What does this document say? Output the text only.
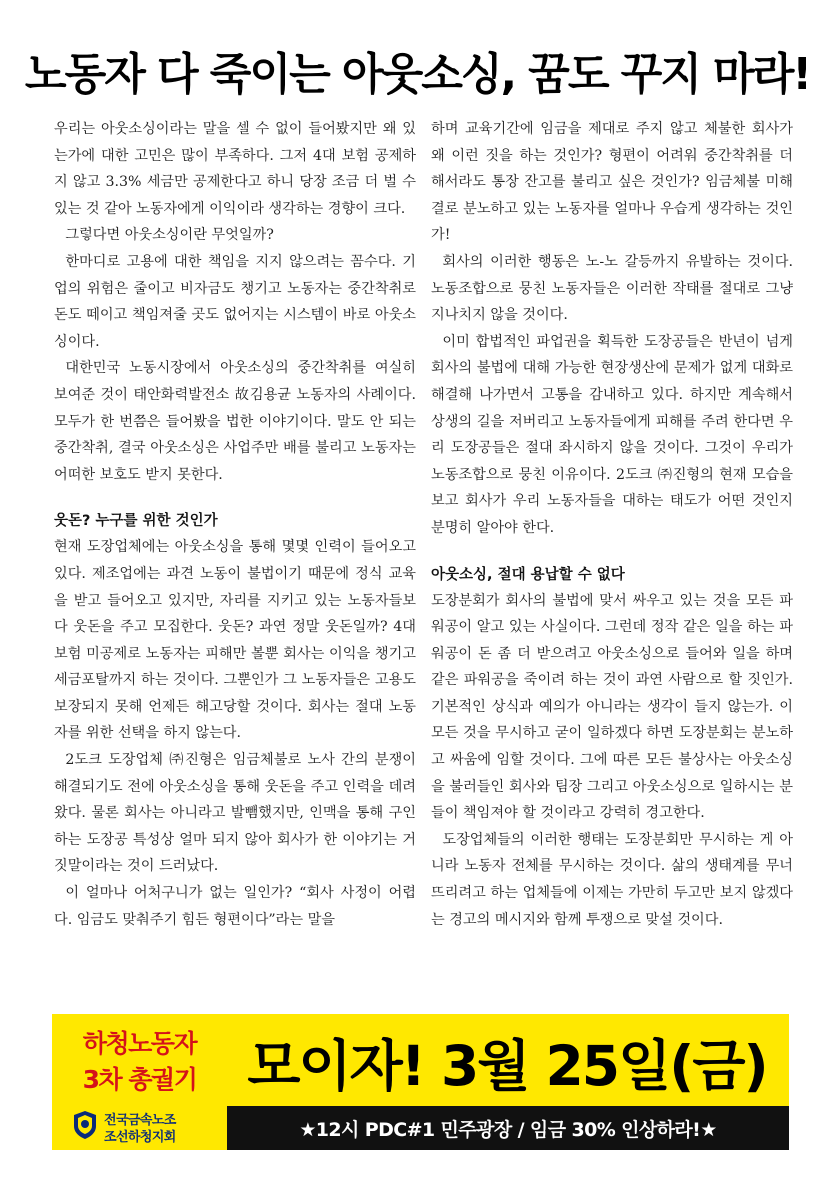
노동자 다 죽이는 아웃소싱, 꿈도 꾸지 마라!

우리는 아웃소싱이라는 말을 셀 수 없이 들어봤지만 왜 있는가에 대한 고민은 많이 부족하다. 그저 4대 보험 공제하지 않고 3.3% 세금만 공제한다고 하니 당장 조금 더 벌 수 있는 것 같아 노동자에게 이익이라 생각하는 경향이 크다.

그렇다면 아웃소싱이란 무엇일까?

한마디로 고용에 대한 책임을 지지 않으려는 꼼수다. 기업의 위험은 줄이고 비자금도 챙기고 노동자는 중간착취로 돈도 떼이고 책임져줄 곳도 없어지는 시스템이 바로 아웃소싱이다.

대한민국 노동시장에서 아웃소싱의 중간착취를 여실히 보여준 것이 태안화력발전소 故김용균 노동자의 사례이다. 모두가 한 번쯤은 들어봤을 법한 이야기이다. 말도 안 되는 중간착취, 결국 아웃소싱은 사업주만 배를 불리고 노동자는 어떠한 보호도 받지 못한다.

웃돈? 누구를 위한 것인가

현재 도장업체에는 아웃소싱을 통해 몇몇 인력이 들어오고 있다. 제조업에는 과견 노동이 불법이기 때문에 정식 교육을 받고 들어오고 있지만, 자리를 지키고 있는 노동자들보다 웃돈을 주고 모집한다. 웃돈? 과연 정말 웃돈일까? 4대 보험 미공제로 노동자는 피해만 볼뿐 회사는 이익을 챙기고 세금포탈까지 하는 것이다. 그뿐인가 그 노동자들은 고용도 보장되지 못해 언제든 해고당할 것이다. 회사는 절대 노동자를 위한 선택을 하지 않는다.

2도크 도장업체 ㈜진형은 임금체불로 노사 간의 분쟁이 해결되기도 전에 아웃소싱을 통해 웃돈을 주고 인력을 데려왔다. 물론 회사는 아니라고 발뺌했지만, 인맥을 통해 구인하는 도장공 특성상 얼마 되지 않아 회사가 한 이야기는 거짓말이라는 것이 드러났다.

이 얼마나 어처구니가 없는 일인가? “회사 사정이 어렵다. 임금도 맞춰주기 힘든 형편이다”라는 말을

하며 교육기간에 임금을 제대로 주지 않고 체불한 회사가 왜 이런 짓을 하는 것인가? 형편이 어려워 중간착취를 더 해서라도 통장 잔고를 불리고 싶은 것인가? 임금체불 미해결로 분노하고 있는 노동자를 얼마나 우습게 생각하는 것인가!

회사의 이러한 행동은 노-노 갈등까지 유발하는 것이다. 노동조합으로 뭉친 노동자들은 이러한 작태를 절대로 그냥 지나치지 않을 것이다.

이미 합법적인 파업권을 획득한 도장공들은 반년이 넘게 회사의 불법에 대해 가능한 현장생산에 문제가 없게 대화로 해결해 나가면서 고통을 감내하고 있다. 하지만 계속해서 상생의 길을 저버리고 노동자들에게 피해를 주려 한다면 우리 도장공들은 절대 좌시하지 않을 것이다. 그것이 우리가 노동조합으로 뭉친 이유이다. 2도크 ㈜진형의 현재 모습을 보고 회사가 우리 노동자들을 대하는 태도가 어떤 것인지 분명히 알아야 한다.

아웃소싱, 절대 용납할 수 없다

도장분회가 회사의 불법에 맞서 싸우고 있는 것을 모든 파워공이 알고 있는 사실이다. 그런데 정작 같은 일을 하는 파워공이 돈 좀 더 받으려고 아웃소싱으로 들어와 일을 하며 같은 파워공을 죽이려 하는 것이 과연 사람으로 할 짓인가. 기본적인 상식과 예의가 아니라는 생각이 들지 않는가. 이 모든 것을 무시하고 굳이 일하겠다 하면 도장분회는 분노하고 싸움에 임할 것이다. 그에 따른 모든 불상사는 아웃소싱을 불러들인 회사와 팀장 그리고 아웃소싱으로 일하시는 분들이 책임져야 할 것이라고 강력히 경고한다.

도장업체들의 이러한 행태는 도장분회만 무시하는 게 아니라 노동자 전체를 무시하는 것이다. 삶의 생태계를 무너뜨리려고 하는 업체들에 이제는 가만히 두고만 보지 않겠다는 경고의 메시지와 함께 투쟁으로 맞설 것이다.

하청노동자
3차 총궐기
전국금속노조
조선하청지회
모이자! 3월 25일(금)
★12시 PDC#1 민주광장 / 임금 30% 인상하라!★
